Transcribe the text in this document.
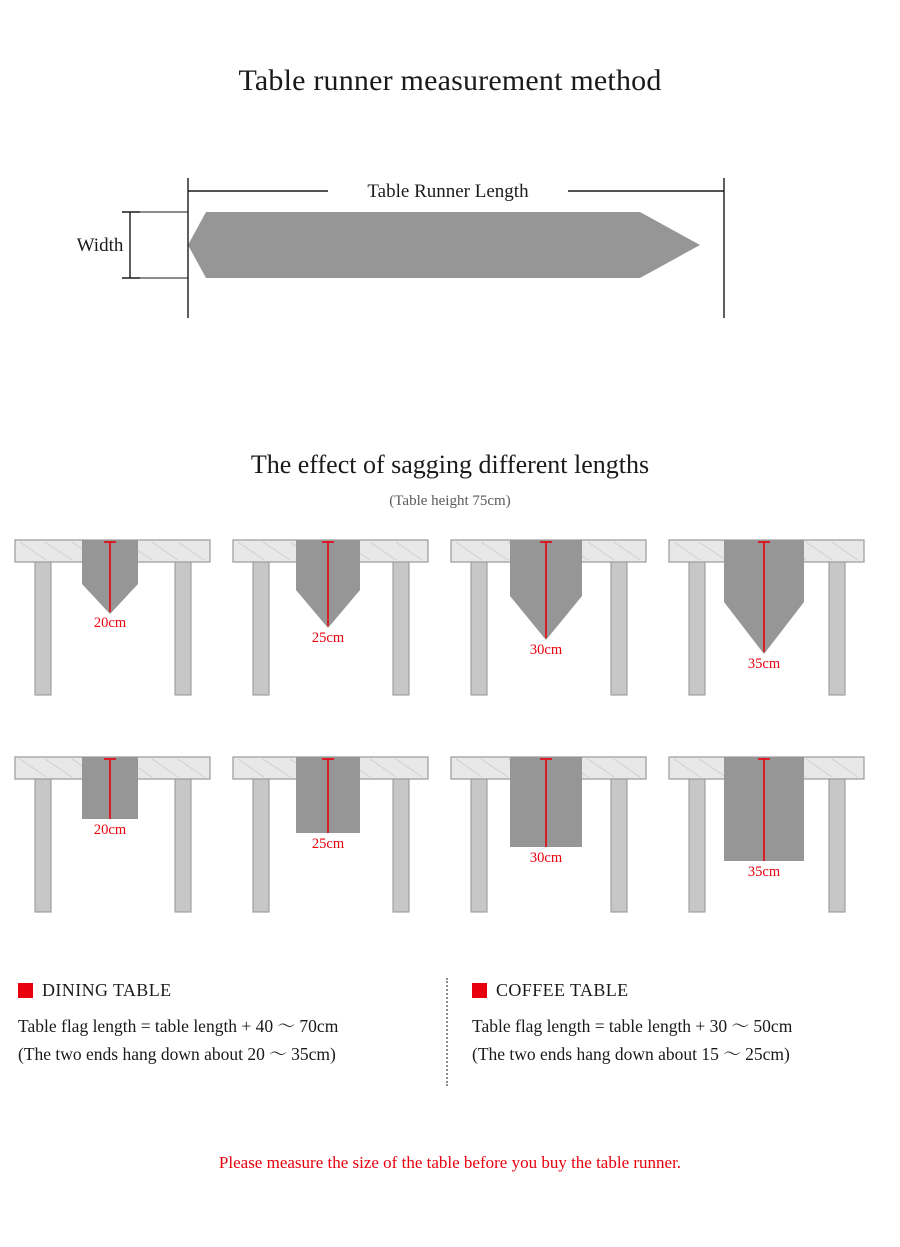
Table runner measurement method
Table Runner Length
Width
The effect of sagging different lengths
(Table height 75cm)
20cm
25cm
30cm
35cm
20cm
25cm
30cm
35cm
DINING TABLE
Table flag length = table length + 40 ～ 70cm
(The two ends hang down about 20 ～ 35cm)
COFFEE TABLE
Table flag length = table length + 30 ～ 50cm
(The two ends hang down about 15 ～ 25cm)
Please measure the size of the table before you buy the table runner.
